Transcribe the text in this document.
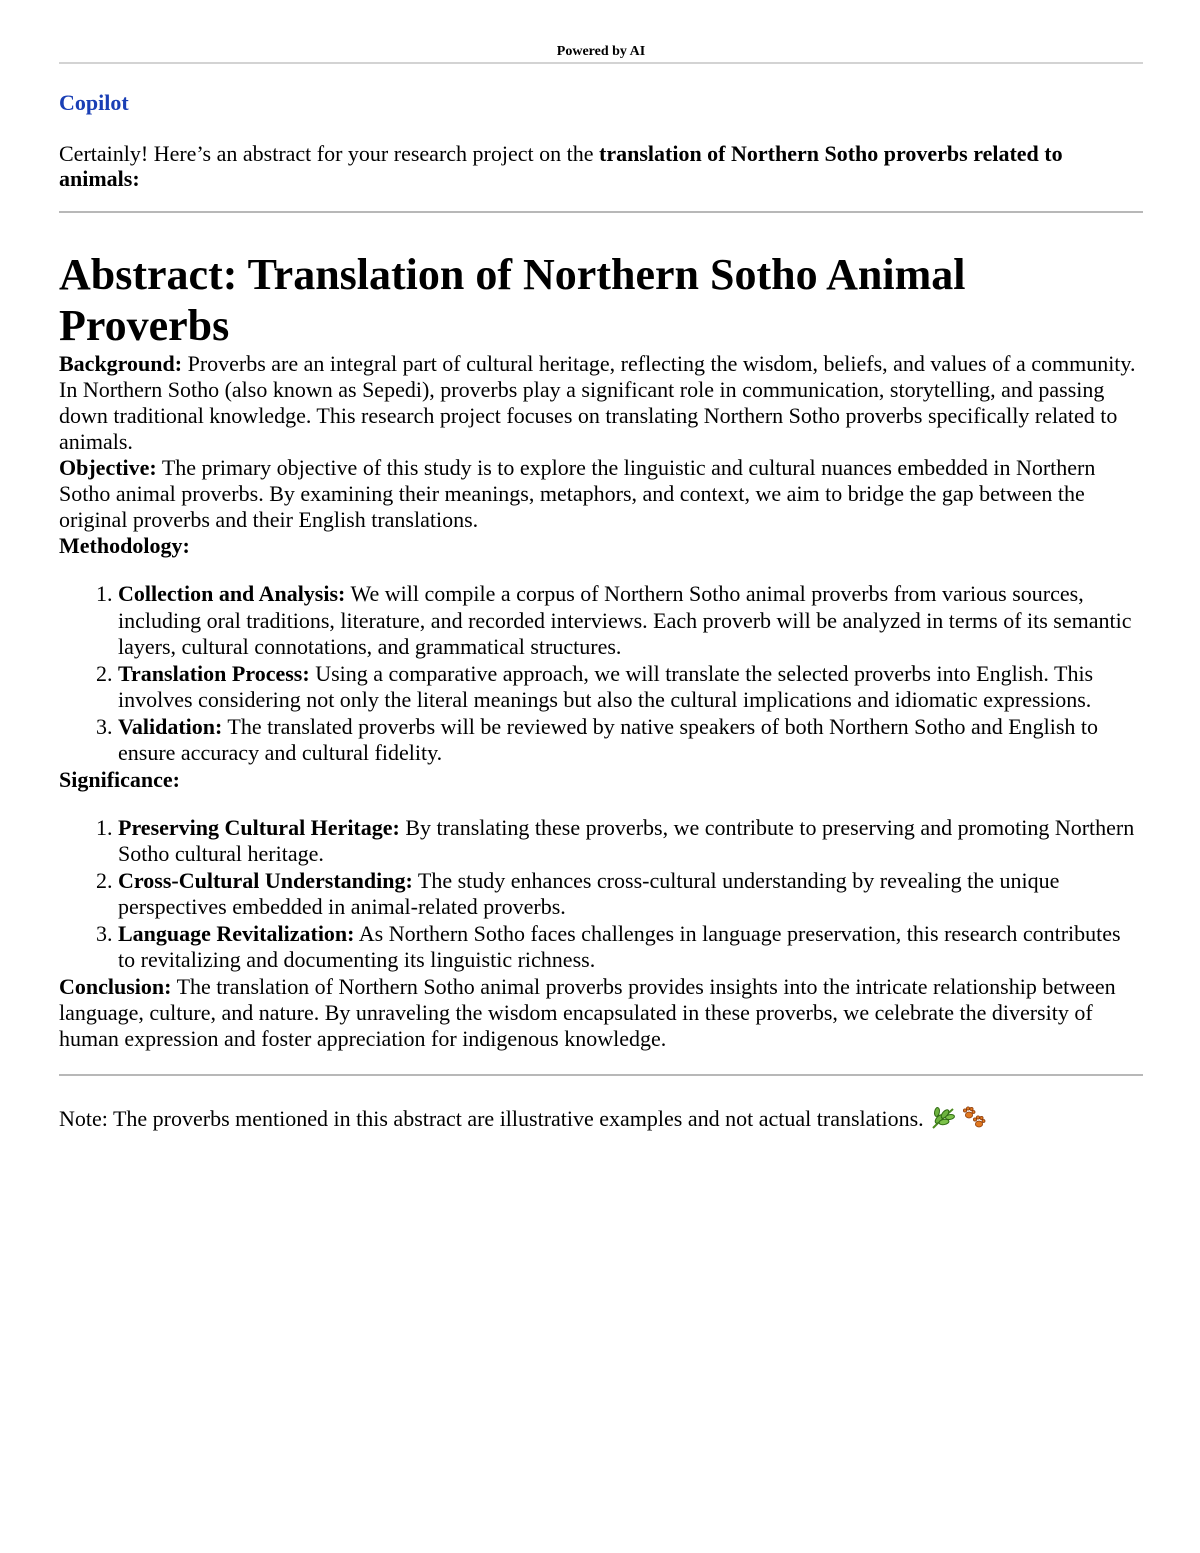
Powered by AI
Copilot
Certainly! Here’s an abstract for your research project on the translation of Northern Sotho proverbs related to animals:
Abstract: Translation of Northern Sotho Animal Proverbs

Background: Proverbs are an integral part of cultural heritage, reflecting the wisdom, beliefs, and values of a community. In Northern Sotho (also known as Sepedi), proverbs play a significant role in communication, storytelling, and passing down traditional knowledge. This research project focuses on translating Northern Sotho proverbs specifically related to animals.

Objective: The primary objective of this study is to explore the linguistic and cultural nuances embedded in Northern Sotho animal proverbs. By examining their meanings, metaphors, and context, we aim to bridge the gap between the original proverbs and their English translations.

Methodology:

1. Collection and Analysis: We will compile a corpus of Northern Sotho animal proverbs from various sources, including oral traditions, literature, and recorded interviews. Each proverb will be analyzed in terms of its semantic layers, cultural connotations, and grammatical structures.
2. Translation Process: Using a comparative approach, we will translate the selected proverbs into English. This involves considering not only the literal meanings but also the cultural implications and idiomatic expressions.
3. Validation: The translated proverbs will be reviewed by native speakers of both Northern Sotho and English to ensure accuracy and cultural fidelity.

Significance:

1. Preserving Cultural Heritage: By translating these proverbs, we contribute to preserving and promoting Northern Sotho cultural heritage.
2. Cross-Cultural Understanding: The study enhances cross-cultural understanding by revealing the unique perspectives embedded in animal-related proverbs.
3. Language Revitalization: As Northern Sotho faces challenges in language preservation, this research contributes to revitalizing and documenting its linguistic richness.

Conclusion: The translation of Northern Sotho animal proverbs provides insights into the intricate relationship between language, culture, and nature. By unraveling the wisdom encapsulated in these proverbs, we celebrate the diversity of human expression and foster appreciation for indigenous knowledge.

Note: The proverbs mentioned in this abstract are illustrative examples and not actual translations.
